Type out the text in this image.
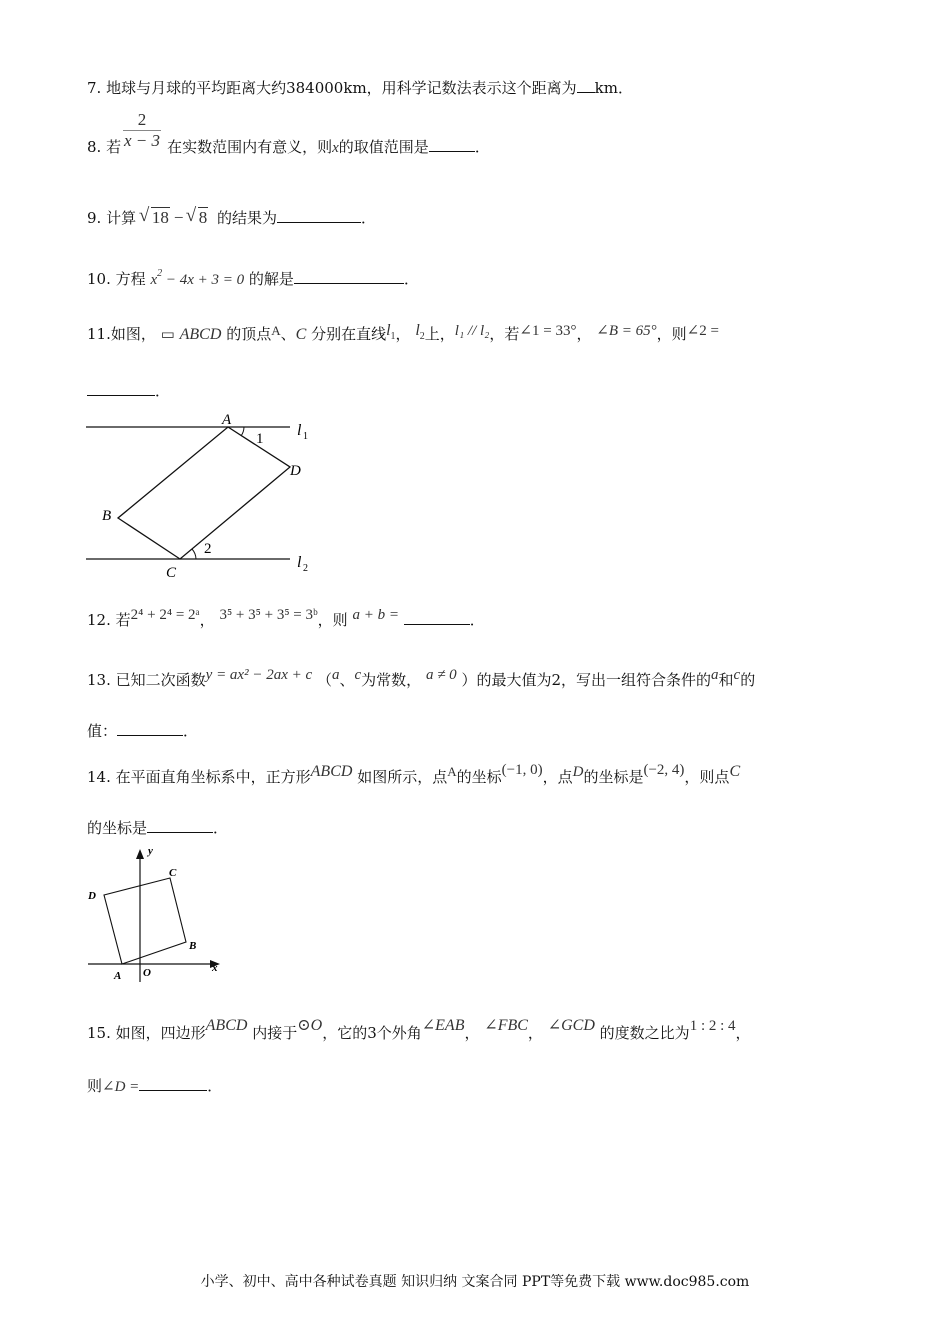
7. 地球与月球的平均距离大约384000km，用科学记数法表示这个距离为 km．
2
x − 3
8. 若	在实数范围内有意义，则x的取值范围是	．
9. 计算 √ 18 − √ 8 的结果为	．
10. 方程 $x^2 - 4x + 3 = 0$ 的解是	．
11.如图， ▭ ABCD 的顶点A、C 分别在直线l1， l2上，l₁ // l₂，若∠1 = 33°， ∠B = 65°，则∠2 =
．
A
D
B
C
1
2
l 1
l 2
12. 若2⁴ + 2⁴ = 2ᵃ， 3⁵ + 3⁵ + 3⁵ = 3ᵇ，则 a + b =	．
13. 已知二次函数y = ax² − 2ax + c （a、c为常数， a ≠ 0 ）的最大值为2，写出一组符合条件的a和c的
值：	．
14. 在平面直角坐标系中，正方形ABCD 如图所示，点A的坐标(−1, 0)，点D的坐标是(−2, 4)，则点C
的坐标是	．
y
x
D
C
B
A O
15. 如图，四边形ABCD 内接于⊙O，它的3个外角∠EAB， ∠FBC， ∠GCD 的度数之比为1 : 2 : 4，
则∠D =	．
小学、初中、高中各种试卷真题 知识归纳 文案合同 PPT等免费下载 www.doc985.com
